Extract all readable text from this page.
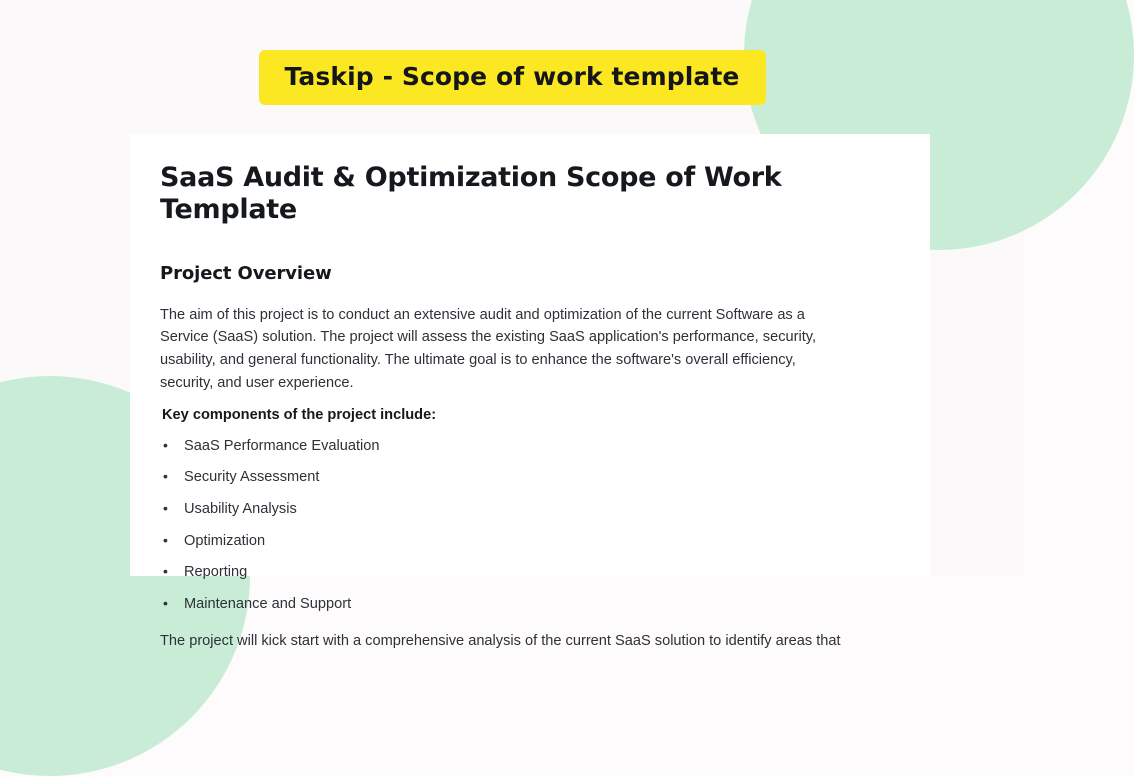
Taskip - Scope of work template
SaaS Audit & Optimization Scope of Work Template
Project Overview

The aim of this project is to conduct an extensive audit and optimization of the current Software as a Service (SaaS) solution. The project will assess the existing SaaS application's performance, security, usability, and general functionality. The ultimate goal is to enhance the software's overall efficiency, security, and user experience.

Key components of the project include:

• SaaS Performance Evaluation
• Security Assessment
• Usability Analysis
• Optimization
• Reporting
• Maintenance and Support

The project will kick start with a comprehensive analysis of the current SaaS solution to identify areas that
